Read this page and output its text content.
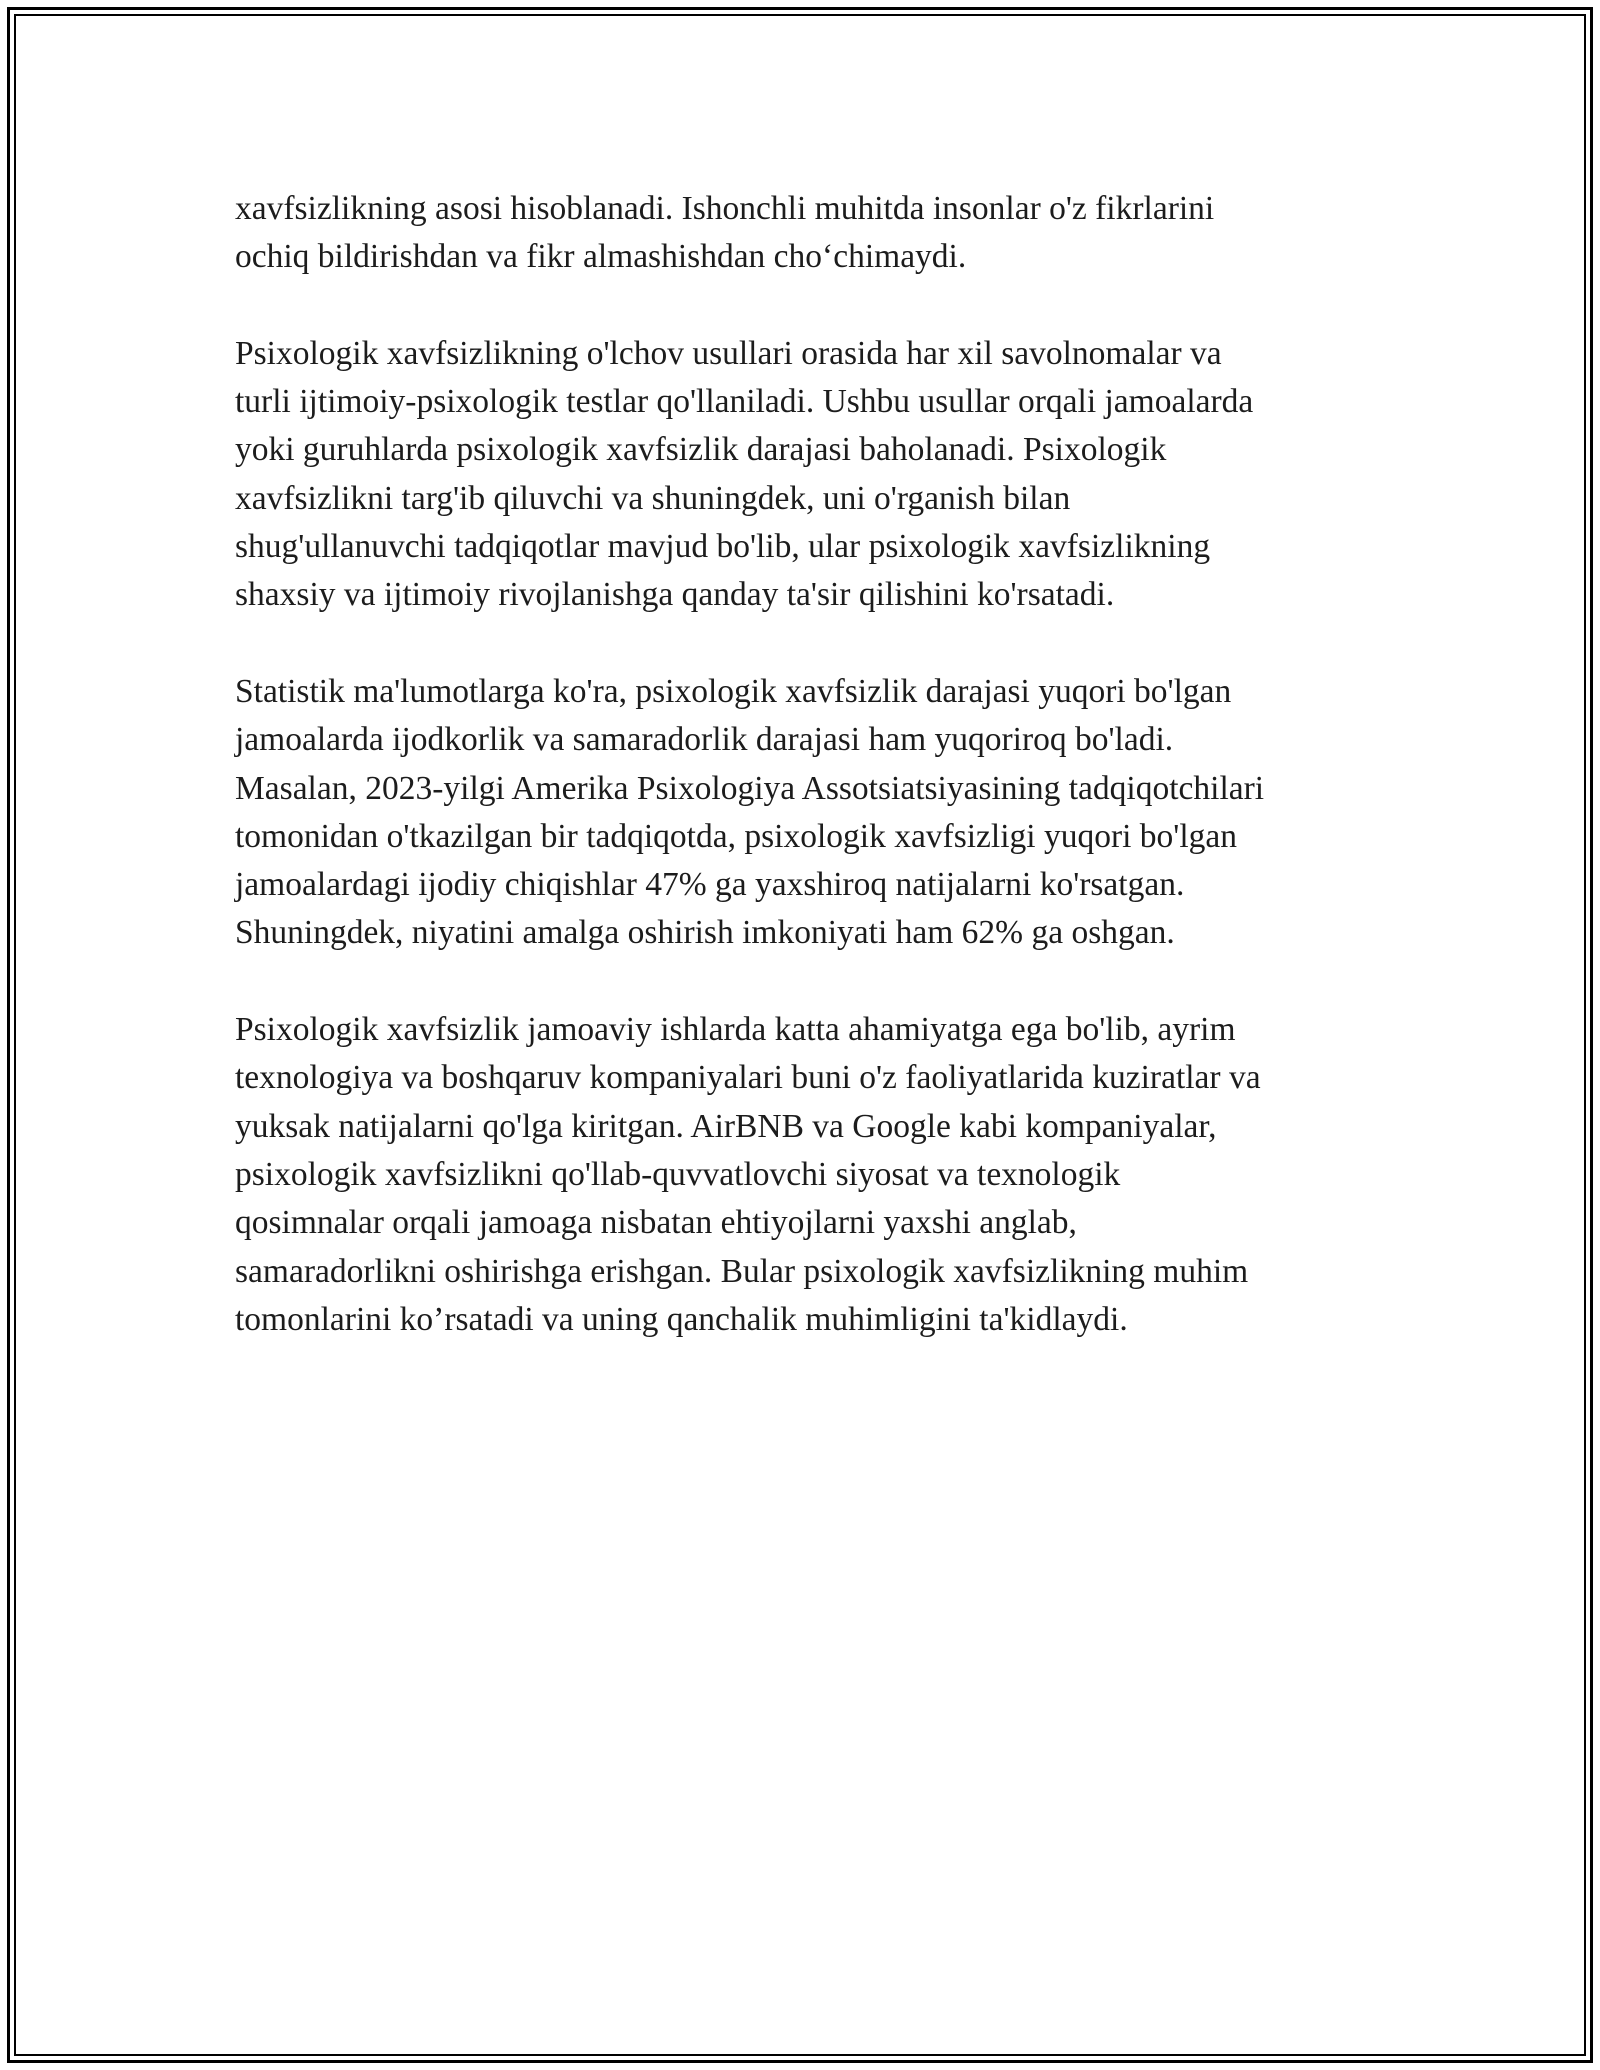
xavfsizlikning asosi hisoblanadi. Ishonchli muhitda insonlar o'z fikrlarini
ochiq bildirishdan va fikr almashishdan cho‘chimaydi.

Psixologik xavfsizlikning o'lchov usullari orasida har xil savolnomalar va
turli ijtimoiy-psixologik testlar qo'llaniladi. Ushbu usullar orqali jamoalarda
yoki guruhlarda psixologik xavfsizlik darajasi baholanadi. Psixologik
xavfsizlikni targ'ib qiluvchi va shuningdek, uni o'rganish bilan
shug'ullanuvchi tadqiqotlar mavjud bo'lib, ular psixologik xavfsizlikning
shaxsiy va ijtimoiy rivojlanishga qanday ta'sir qilishini ko'rsatadi.

Statistik ma'lumotlarga ko'ra, psixologik xavfsizlik darajasi yuqori bo'lgan
jamoalarda ijodkorlik va samaradorlik darajasi ham yuqoriroq bo'ladi.
Masalan, 2023-yilgi Amerika Psixologiya Assotsiatsiyasining tadqiqotchilari
tomonidan o'tkazilgan bir tadqiqotda, psixologik xavfsizligi yuqori bo'lgan
jamoalardagi ijodiy chiqishlar 47% ga yaxshiroq natijalarni ko'rsatgan.
Shuningdek, niyatini amalga oshirish imkoniyati ham 62% ga oshgan.

Psixologik xavfsizlik jamoaviy ishlarda katta ahamiyatga ega bo'lib, ayrim
texnologiya va boshqaruv kompaniyalari buni o'z faoliyatlarida kuziratlar va
yuksak natijalarni qo'lga kiritgan. AirBNB va Google kabi kompaniyalar,
psixologik xavfsizlikni qo'llab-quvvatlovchi siyosat va texnologik
qosimnalar orqali jamoaga nisbatan ehtiyojlarni yaxshi anglab,
samaradorlikni oshirishga erishgan. Bular psixologik xavfsizlikning muhim
tomonlarini ko’rsatadi va uning qanchalik muhimligini ta'kidlaydi.
